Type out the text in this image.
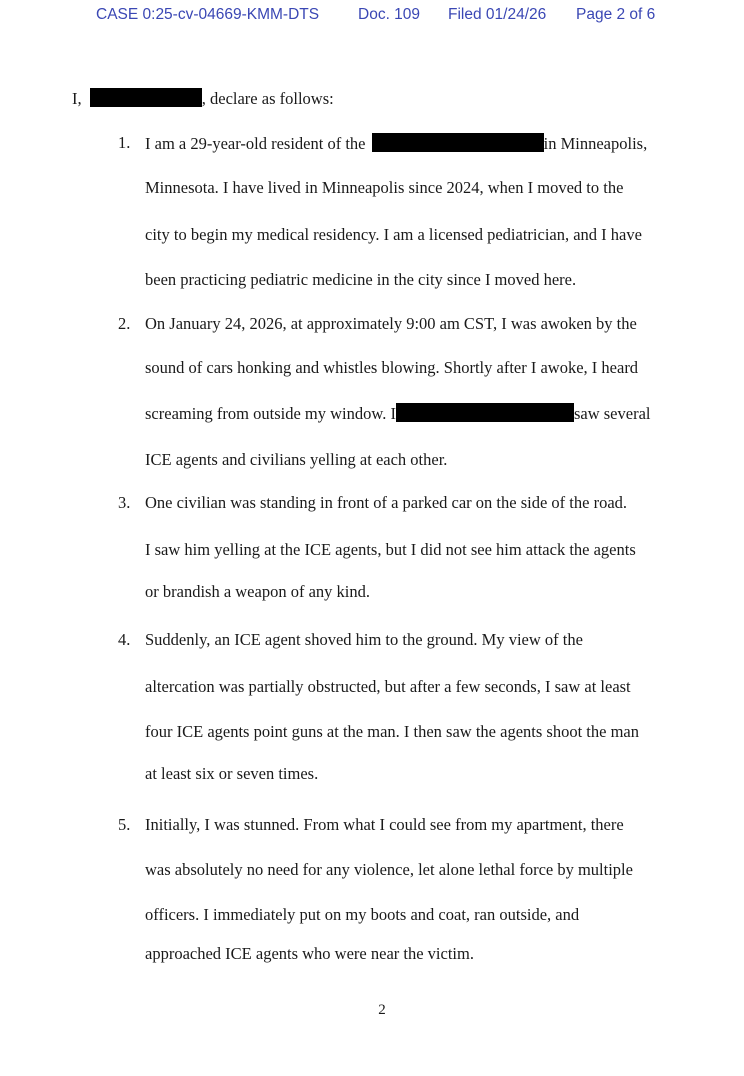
CASE 0:25-cv-04669-KMM-DTS	Doc. 109 Filed 01/24/26 Page 2 of 6
I,	, declare as follows:
1. I am a 29-year-old resident of the	in Minneapolis,
Minnesota. I have lived in Minneapolis since 2024, when I moved to the
city to begin my medical residency. I am a licensed pediatrician, and I have
been practicing pediatric medicine in the city since I moved here.
2. On January 24, 2026, at approximately 9:00 am CST, I was awoken by the
sound of cars honking and whistles blowing. Shortly after I awoke, I heard
screaming from outside my window. I	saw several
ICE agents and civilians yelling at each other.
3. One civilian was standing in front of a parked car on the side of the road.
I saw him yelling at the ICE agents, but I did not see him attack the agents
or brandish a weapon of any kind.
4. Suddenly, an ICE agent shoved him to the ground. My view of the
altercation was partially obstructed, but after a few seconds, I saw at least
four ICE agents point guns at the man. I then saw the agents shoot the man
at least six or seven times.
5. Initially, I was stunned. From what I could see from my apartment, there
was absolutely no need for any violence, let alone lethal force by multiple
officers. I immediately put on my boots and coat, ran outside, and
approached ICE agents who were near the victim.
2
